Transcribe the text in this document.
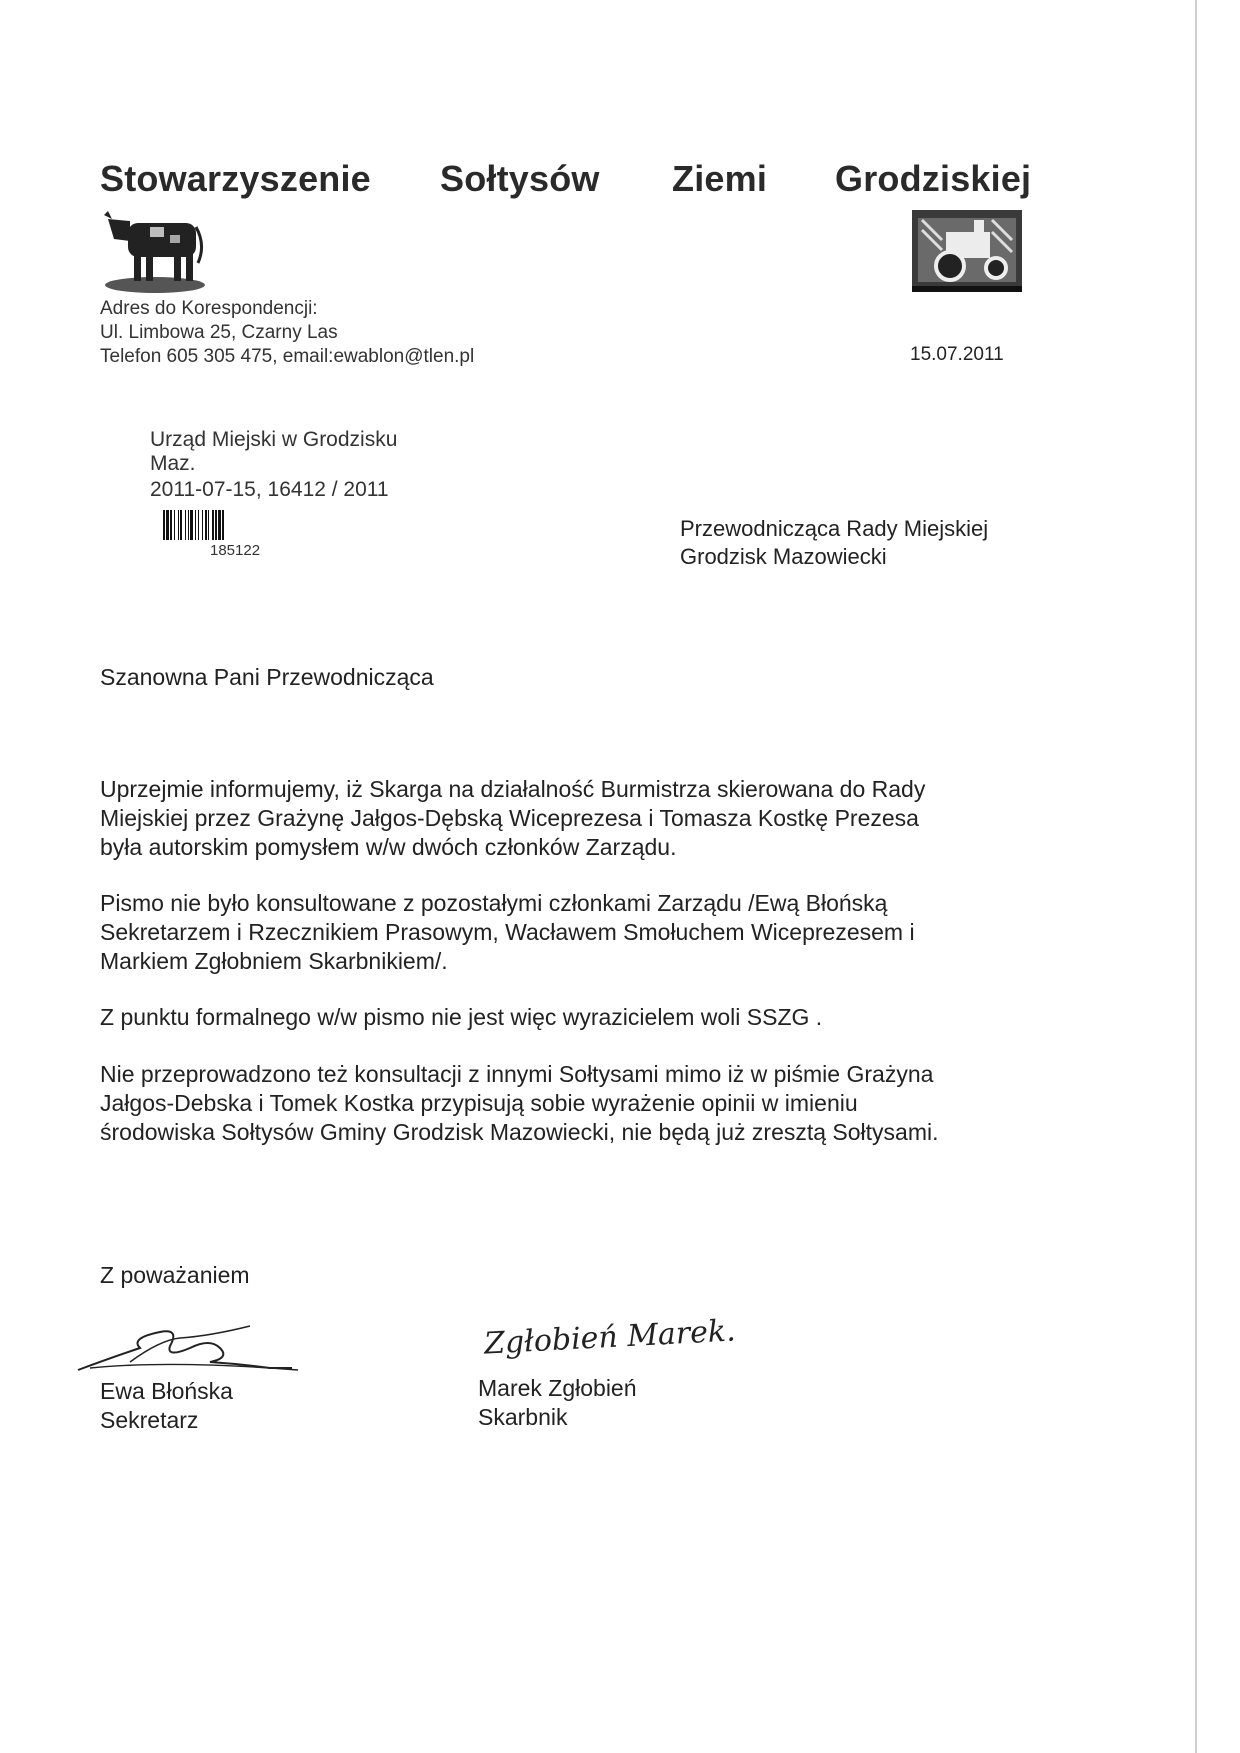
Stowarzyszenie Sołtysów Ziemi Grodziskiej
Adres do Korespondencji:
Ul. Limbowa 25, Czarny Las
Telefon 605 305 475, email:ewablon@tlen.pl	15.07.2011
Urząd Miejski w Grodzisku
Maz.
2011-07-15, 16412 / 2011
185122
Przewodnicząca Rady Miejskiej
Grodzisk Mazowiecki
Szanowna Pani Przewodnicząca
Uprzejmie informujemy, iż Skarga na działalność Burmistrza skierowana do Rady
Miejskiej przez Grażynę Jałgos-Dębską Wiceprezesa i Tomasza Kostkę Prezesa
była autorskim pomysłem w/w dwóch członków Zarządu.
Pismo nie było konsultowane z pozostałymi członkami Zarządu /Ewą Błońską
Sekretarzem i Rzecznikiem Prasowym, Wacławem Smołuchem Wiceprezesem i
Markiem Zgłobniem Skarbnikiem/.
Z punktu formalnego w/w pismo nie jest więc wyrazicielem woli SSZG .
Nie przeprowadzono też konsultacji z innymi Sołtysami mimo iż w piśmie Grażyna
Jałgos-Debska i Tomek Kostka przypisują sobie wyrażenie opinii w imieniu
środowiska Sołtysów Gminy Grodzisk Mazowiecki, nie będą już zresztą Sołtysami.
Z poważaniem
Ewa Błońska
Sekretarz
Zgłobień Marek.
Marek Zgłobień
Skarbnik
